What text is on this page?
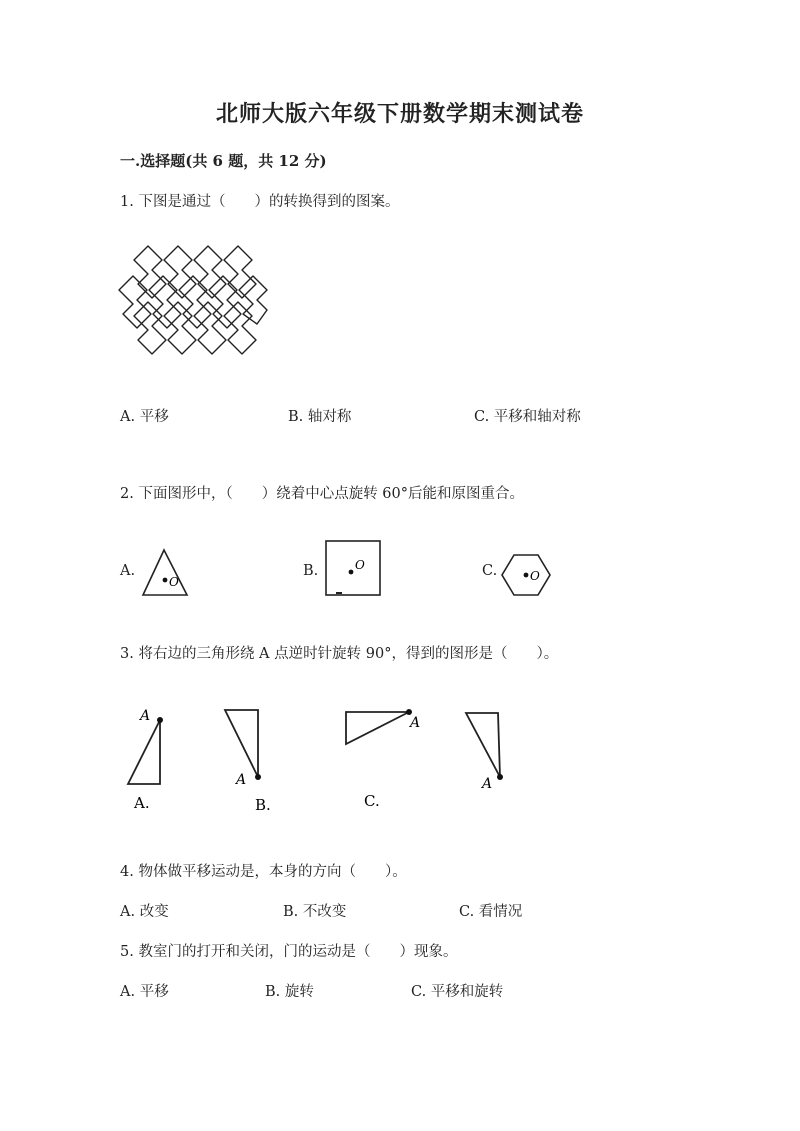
北师大版六年级下册数学期末测试卷
一.选择题(共 6 题，共 12 分)
1. 下图是通过（　　）的转换得到的图案。
A. 平移	B. 轴对称	C. 平移和轴对称
2. 下面图形中，（　　）绕着中心点旋转 60°后能和原图重合。
A.
O
B.	O	C.	O
3. 将右边的三角形绕 A 点逆时针旋转 90°，得到的图形是（　　）。
A
A.
A
B.
A
C.
A
4. 物体做平移运动是，本身的方向（　　）。
A. 改变	B. 不改变	C. 看情况
5. 教室门的打开和关闭，门的运动是（　　）现象。
A. 平移	B. 旋转	C. 平移和旋转
